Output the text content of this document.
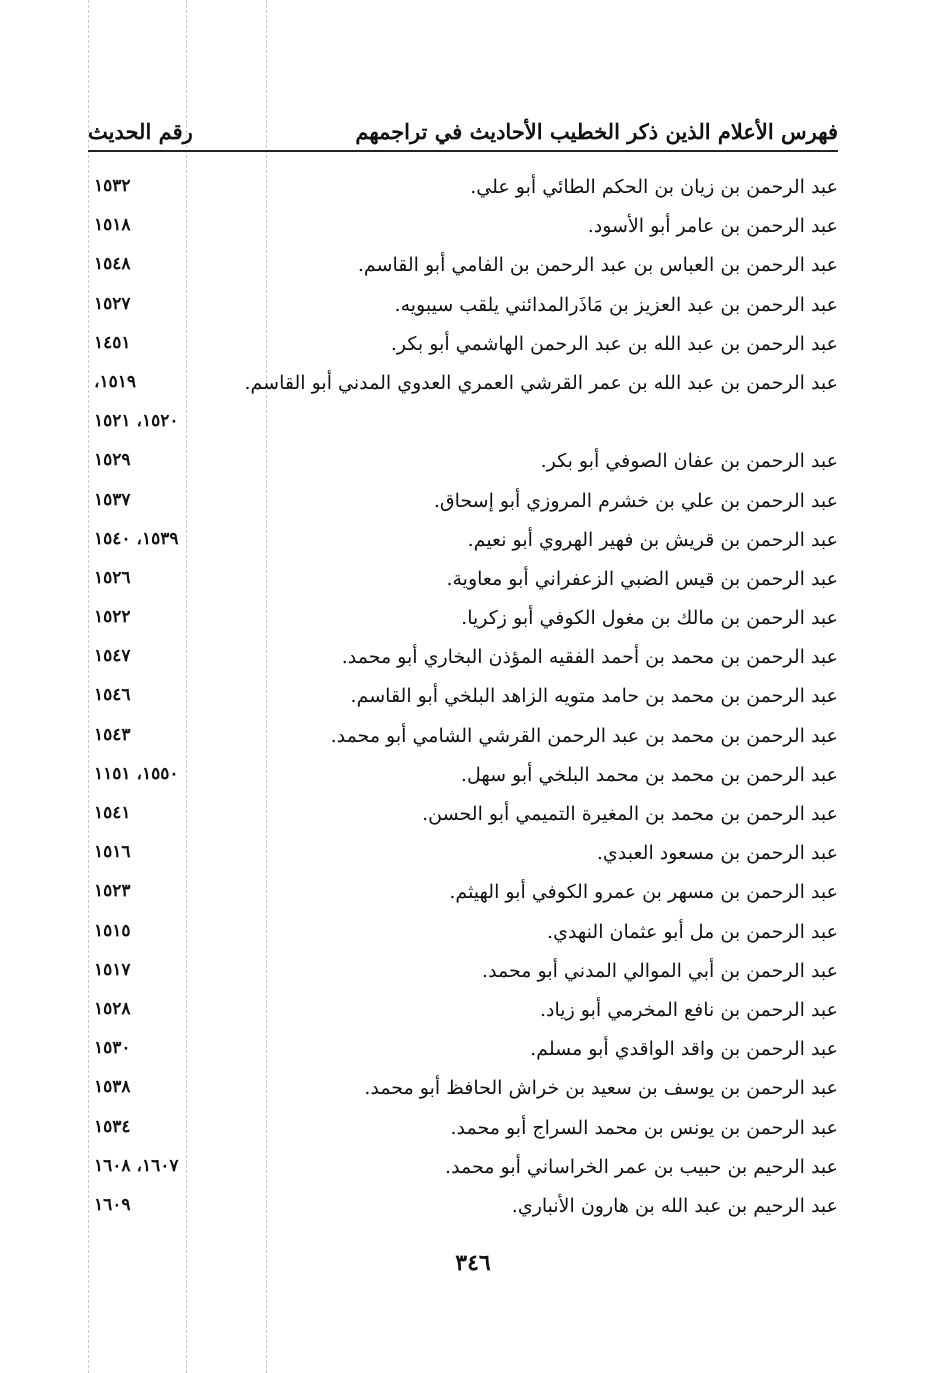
فهرس الأعلام الذين ذكر الخطيب الأحاديث في تراجمهم
رقم الحديث
عبد الرحمن بن زيان بن الحكم الطائي أبو علي.
١٥٣٢
عبد الرحمن بن عامر أبو الأسود.
١٥١٨
عبد الرحمن بن العباس بن عبد الرحمن بن الفامي أبو القاسم.
١٥٤٨
عبد الرحمن بن عبد العزيز بن مَاذَرالمدائني يلقب سيبويه.
١٥٢٧
عبد الرحمن بن عبد الله بن عبد الرحمن الهاشمي أبو بكر.
١٤٥١
عبد الرحمن بن عبد الله بن عمر القرشي العمري العدوي المدني أبو القاسم.
١٥١٩،
١٥٢٠، ١٥٢١
عبد الرحمن بن عفان الصوفي أبو بكر.
١٥٢٩
عبد الرحمن بن علي بن خشرم المروزي أبو إسحاق.
١٥٣٧
عبد الرحمن بن قريش بن فهير الهروي أبو نعيم.
١٥٣٩، ١٥٤٠
عبد الرحمن بن قيس الضبي الزعفراني أبو معاوية.
١٥٢٦
عبد الرحمن بن مالك بن مغول الكوفي أبو زكريا.
١٥٢٢
عبد الرحمن بن محمد بن أحمد الفقيه المؤذن البخاري أبو محمد.
١٥٤٧
عبد الرحمن بن محمد بن حامد متويه الزاهد البلخي أبو القاسم.
١٥٤٦
عبد الرحمن بن محمد بن عبد الرحمن القرشي الشامي أبو محمد.
١٥٤٣
عبد الرحمن بن محمد بن محمد البلخي أبو سهل.
١٥٥٠، ١١٥١
عبد الرحمن بن محمد بن المغيرة التميمي أبو الحسن.
١٥٤١
عبد الرحمن بن مسعود العبدي.
١٥١٦
عبد الرحمن بن مسهر بن عمرو الكوفي أبو الهيثم.
١٥٢٣
عبد الرحمن بن مل أبو عثمان النهدي.
١٥١٥
عبد الرحمن بن أبي الموالي المدني أبو محمد.
١٥١٧
عبد الرحمن بن نافع المخرمي أبو زياد.
١٥٢٨
عبد الرحمن بن واقد الواقدي أبو مسلم.
١٥٣٠
عبد الرحمن بن يوسف بن سعيد بن خراش الحافظ أبو محمد.
١٥٣٨
عبد الرحمن بن يونس بن محمد السراج أبو محمد.
١٥٣٤
عبد الرحيم بن حبيب بن عمر الخراساني أبو محمد.
١٦٠٧، ١٦٠٨
عبد الرحيم بن عبد الله بن هارون الأنباري.
١٦٠٩
٣٤٦
